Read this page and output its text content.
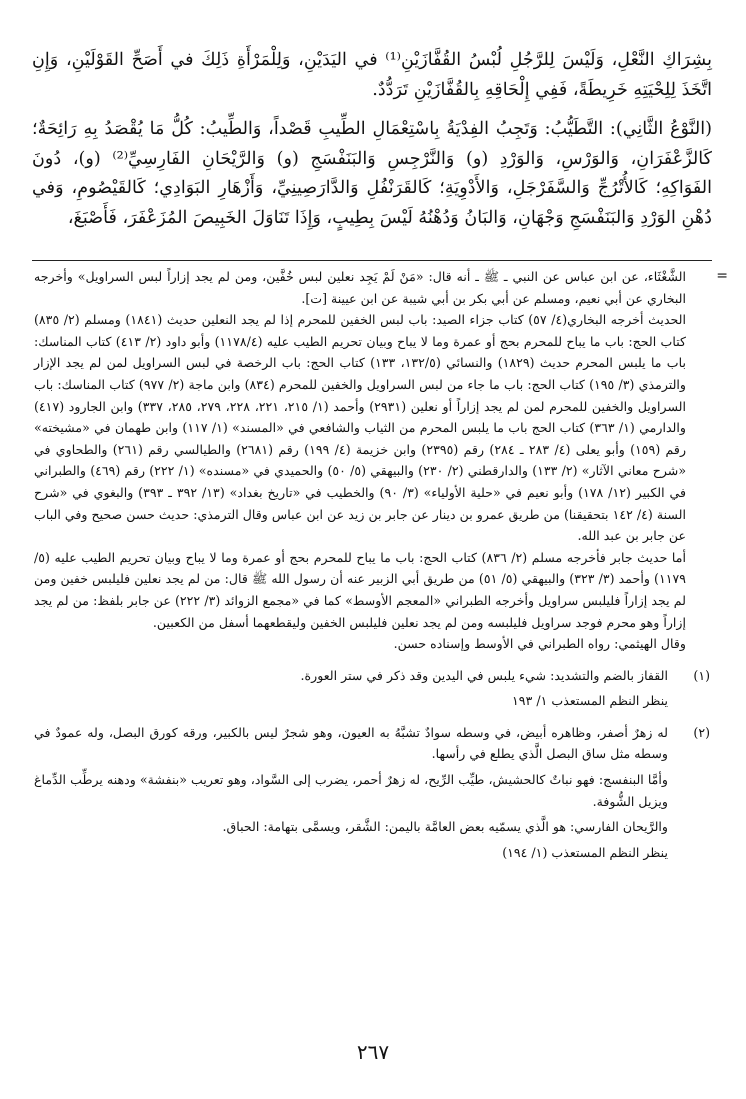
بِشِرَاكِ النَّعْلِ، وَلَيْسَ لِلرَّجُلِ لُبْسُ القُفَّازَيْنِ⁽¹⁾ في اليَدَيْنِ، وَلِلْمَرْأَةِ ذَلِكَ في أَصَحِّ القَوْلَيْنِ، وَإِنِ اتَّخَذَ لِلِحْيَتِهِ خَرِيطَةً، فَفِي إِلْحَاقِهِ بِالقُفَّازَيْنِ تَرَدُّدٌ.

(النَّوْعُ الثَّانِي): التَّطَيُّبُ: وَتَجِبُ الفِدْيَةُ بِاسْتِعْمَالِ الطِّيبِ قَصْداً، وَالطِّيبُ: كُلُّ مَا يُقْصَدُ بِهِ رَائِحَةٌ؛ كَالزَّعْفَرَانِ، وَالوَرْسِ، وَالوَرْدِ (و) وَالنَّرْجِسِ وَالبَنَفْسَجِ (و) وَالرَّيْحَانِ الفَارِسِيِّ⁽²⁾ (و)، دُونَ الفَوَاكِهِ؛ كَالأُتْرُجِّ وَالسَّفَرْجَلِ، وَالأَدْوِيَةِ؛ كَالقَرَنْفُلِ وَالدَّارَصِينِيِّ، وَأَزْهَارِ البَوَادِي؛ كَالقَيْصُومِ، وَفي دُهْنِ الوَرْدِ وَالبَنَفْسَجِ وَجْهَانِ، وَالبَانُ وَدُهْنُهُ لَيْسَ بِطِيبٍ، وَإِذَا تَنَاوَلَ الخَبِيصَ المُزَعْفَرَ، فَأَصْبَغَ،

=

الشَّغْثَاء، عن ابن عباس عن النبي ـ ﷺ ـ أنه قال: «مَنْ لَمْ يَجِد نعلين لبس خُفَّين، ومن لم يجد إزاراً لبس السراويل» وأخرجه البخاري عن أبي نعيم، ومسلم عن أبي بكر بن أبي شيبة عن ابن عيينة [ت].

الحديث أخرجه البخاري(٤/ ٥٧) كتاب جزاء الصيد: باب لبس الخفين للمحرم إذا لم يجد النعلين حديث (١٨٤١) ومسلم (٢/ ٨٣٥) كتاب الحج: باب ما يباح للمحرم بحج أو عمرة وما لا يباح وبيان تحريم الطيب عليه (١١٧٨/٤) وأبو داود (٢/ ٤١٣) كتاب المناسك: باب ما يلبس المحرم حديث (١٨٢٩) والنسائي (١٣٢/٥، ١٣٣) كتاب الحج: باب الرخصة في لبس السراويل لمن لم يجد الإزار والترمذي (٣/ ١٩٥) كتاب الحج: باب ما جاء من لبس السراويل والخفين للمحرم (٨٣٤) وابن ماجة (٢/ ٩٧٧) كتاب المناسك: باب السراويل والخفين للمحرم لمن لم يجد إزاراً أو نعلين (٢٩٣١) وأحمد (١/ ٢١٥، ٢٢١، ٢٢٨، ٢٧٩، ٢٨٥، ٣٣٧) وابن الجارود (٤١٧) والدارمي (١/ ٣٦٣) كتاب الحج باب ما يلبس المحرم من الثياب والشافعي في «المسند» (١/ ١١٧) وابن طهمان في «مشيخته» رقم (١٥٩) وأبو يعلى (٤/ ٢٨٣ ـ ٢٨٤) رقم (٢٣٩٥) وابن خزيمة (٤/ ١٩٩) رقم (٢٦٨١) والطيالسي رقم (٢٦١) والطحاوي في «شرح معاني الآثار» (٢/ ١٣٣) والدارقطني (٢/ ٢٣٠) والبيهقي (٥/ ٥٠) والحميدي في «مسنده» (١/ ٢٢٢) رقم (٤٦٩) والطبراني في الكبير (١٢/ ١٧٨) وأبو نعيم في «حلية الأولياء» (٣/ ٩٠) والخطيب في «تاريخ بغداد» (١٣/ ٣٩٢ ـ ٣٩٣) والبغوي في «شرح السنة (٤/ ١٤٢ بتحقيقنا) من طريق عمرو بن دينار عن جابر بن زيد عن ابن عباس وقال الترمذي: حديث حسن صحيح وفي الباب عن جابر بن عبد الله.

أما حديث جابر فأخرجه مسلم (٢/ ٨٣٦) كتاب الحج: باب ما يباح للمحرم بحج أو عمرة وما لا يباح وبيان تحريم الطيب عليه (٥/ ١١٧٩) وأحمد (٣/ ٣٢٣) والبيهقي (٥/ ٥١) من طريق أبي الزبير عنه أن رسول الله ﷺ قال: من لم يجد نعلين فليلبس خفين ومن لم يجد إزاراً فليلبس سراويل وأخرجه الطبراني «المعجم الأوسط» كما في «مجمع الزوائد (٣/ ٢٢٢) عن جابر بلفظ: من لم يجد إزاراً وهو محرم فوجد سراويل فليلبسه ومن لم يجد نعلين فليلبس الخفين وليقطعهما أسفل من الكعبين.

وقال الهيثمي: رواه الطبراني في الأوسط وإسناده حسن.

(١)

القفاز بالضم والتشديد: شيء يلبس في اليدين وقد ذكر في ستر العورة.

ينظر النظم المستعذب ١/ ١٩٣

(٢)

له زهرٌ أصفر، وظاهره أبيض، في وسطه سوادٌ تشبَّهُ به العيون، وهو شجرٌ ليس بالكبير، ورقه كورق البصل، وله عمودٌ في وسطه مثل ساق البصل الَّذي يطلع في رأسها.

وأمَّا البنفسج: فهو نباتٌ كالحشيش، طيِّب الرِّيح، له زهرٌ أحمر، يضرب إلى السَّواد، وهو تعريب «بنفشة» ودهنه يرطِّب الدِّماغ ويزيل الشُّوفة.

والرَّيحان الفارسي: هو الَّذي يسمّيه بعض العامَّة باليمن: الشَّقر، ويسمَّى بتهامة: الحباق.

ينظر النظم المستعذب (١/ ١٩٤)

٢٦٧
